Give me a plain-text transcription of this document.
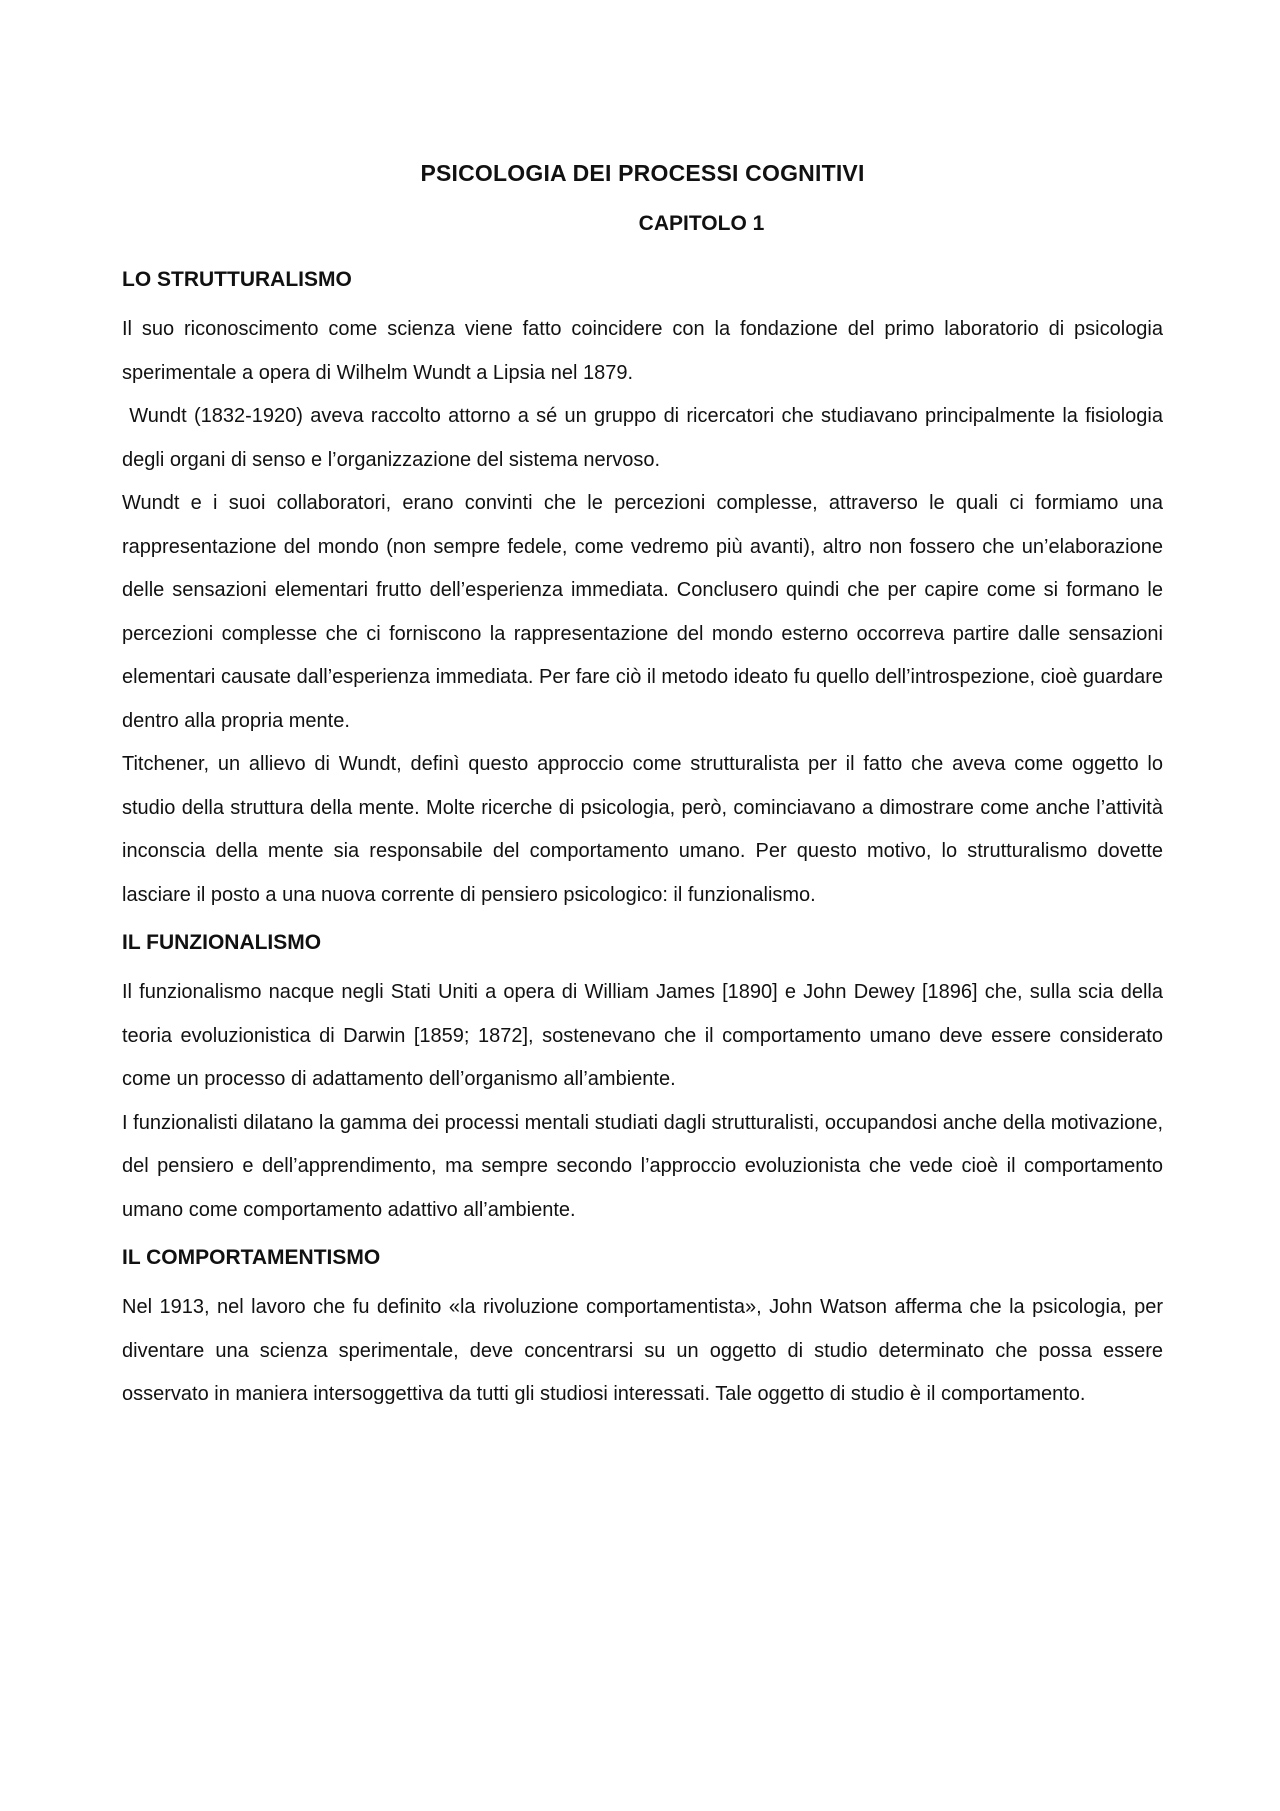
PSICOLOGIA DEI PROCESSI COGNITIVI
CAPITOLO 1
LO STRUTTURALISMO

Il suo riconoscimento come scienza viene fatto coincidere con la fondazione del primo laboratorio di psicologia sperimentale a opera di Wilhelm Wundt a Lipsia nel 1879.

Wundt (1832-1920) aveva raccolto attorno a sé un gruppo di ricercatori che studiavano principalmente la fisiologia degli organi di senso e l’organizzazione del sistema nervoso.

Wundt e i suoi collaboratori, erano convinti che le percezioni complesse, attraverso le quali ci formiamo una rappresentazione del mondo (non sempre fedele, come vedremo più avanti), altro non fossero che un’elaborazione delle sensazioni elementari frutto dell’esperienza immediata. Conclusero quindi che per capire come si formano le percezioni complesse che ci forniscono la rappresentazione del mondo esterno occorreva partire dalle sensazioni elementari causate dall’esperienza immediata. Per fare ciò il metodo ideato fu quello dell’introspezione, cioè guardare dentro alla propria mente.

Titchener, un allievo di Wundt, definì questo approccio come strutturalista per il fatto che aveva come oggetto lo studio della struttura della mente. Molte ricerche di psicologia, però, cominciavano a dimostrare come anche l’attività inconscia della mente sia responsabile del comportamento umano. Per questo motivo, lo strutturalismo dovette lasciare il posto a una nuova corrente di pensiero psicologico: il funzionalismo.

IL FUNZIONALISMO

Il funzionalismo nacque negli Stati Uniti a opera di William James [1890] e John Dewey [1896] che, sulla scia della teoria evoluzionistica di Darwin [1859; 1872], sostenevano che il comportamento umano deve essere considerato come un processo di adattamento dell’organismo all’ambiente.

I funzionalisti dilatano la gamma dei processi mentali studiati dagli strutturalisti, occupandosi anche della motivazione, del pensiero e dell’apprendimento, ma sempre secondo l’approccio evoluzionista che vede cioè il comportamento umano come comportamento adattivo all’ambiente.

IL COMPORTAMENTISMO

Nel 1913, nel lavoro che fu definito «la rivoluzione comportamentista», John Watson afferma che la psicologia, per diventare una scienza sperimentale, deve concentrarsi su un oggetto di studio determinato che possa essere osservato in maniera intersoggettiva da tutti gli studiosi interessati. Tale oggetto di studio è il comportamento.
